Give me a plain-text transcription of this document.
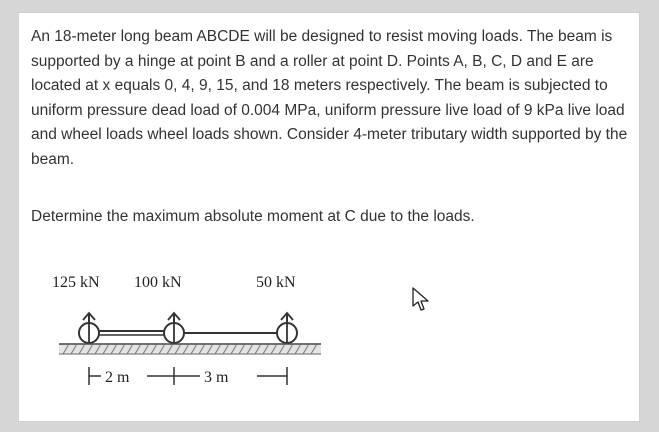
An 18-meter long beam ABCDE will be designed to resist moving loads. The beam is supported by a hinge at point B and a roller at point D. Points A, B, C, D and E are located at x equals 0, 4, 9, 15, and 18 meters respectively. The beam is subjected to uniform pressure dead load of 0.004 MPa, uniform pressure live load of 9 kPa live load and wheel loads wheel loads shown. Consider 4-meter tributary width supported by the beam.

Determine the maximum absolute moment at C due to the loads.

125 kN 100 kN	50 kN
2 m	3 m
